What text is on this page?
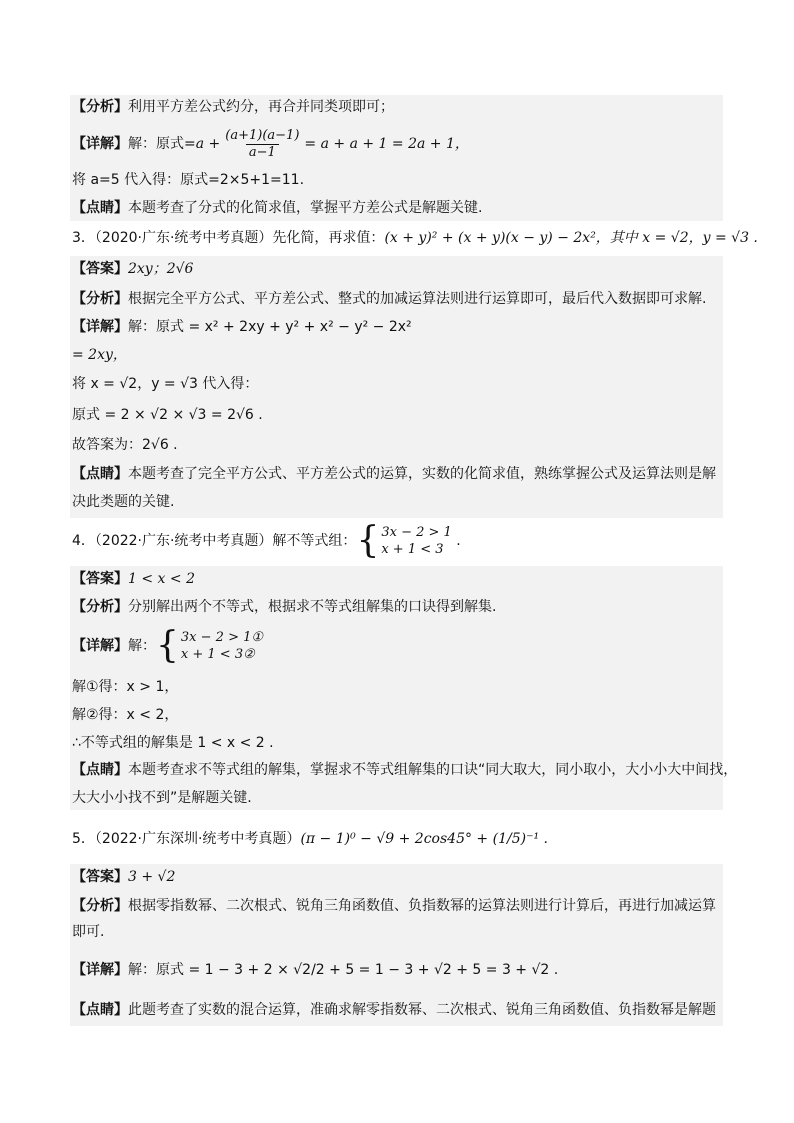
【分析】利用平方差公式约分，再合并同类项即可；
【详解】 解：原式= $a + \frac{(a+1)(a-1)}{a-1} = a + a + 1 = 2a + 1$，
将 a=5 代入得：原式=2×5+1=11.
【点睛】本题考查了分式的化简求值，掌握平方差公式是解题关键.
3．（2020·广东·统考中考真题）先化简，再求值：(x + y)² + (x + y)(x − y) − 2x²，其中 x = √2，y = √3 .
【答案】2xy；2√6
【分析】根据完全平方公式、平方差公式、整式的加减运算法则进行运算即可，最后代入数据即可求解.
【详解】解：原式 = x² + 2xy + y² + x² − y² − 2x²
= 2xy，
将 x = √2，y = √3 代入得：
原式 = 2 × √2 × √3 = 2√6 .
故答案为：2√6 .
【点睛】本题考查了完全平方公式、平方差公式的运算，实数的化简求值，熟练掌握公式及运算法则是解
决此类题的关键.
4．（2022·广东·统考中考真题）解不等式组： { 3x − 2 > 1
x + 1 < 3
.
【答案】1 < x < 2
【分析】分别解出两个不等式，根据求不等式组解集的口诀得到解集.
【详解】 解： { 3x − 2 > 1①
x + 1 < 3②
解①得：x > 1，
解②得：x < 2，
∴不等式组的解集是 1 < x < 2 .
【点睛】本题考查求不等式组的解集，掌握求不等式组解集的口诀“同大取大，同小取小，大小小大中间找，
大大小小找不到”是解题关键.
5．（2022·广东深圳·统考中考真题） (π − 1)⁰ − √9 + 2cos45° + (1/5)⁻¹ .
【答案】3 + √2
【分析】根据零指数幂、二次根式、锐角三角函数值、负指数幂的运算法则进行计算后，再进行加减运算
即可.
【详解】解：原式 = 1 − 3 + 2 × √2/2 + 5 = 1 − 3 + √2 + 5 = 3 + √2 .
【点睛】此题考查了实数的混合运算，准确求解零指数幂、二次根式、锐角三角函数值、负指数幂是解题
